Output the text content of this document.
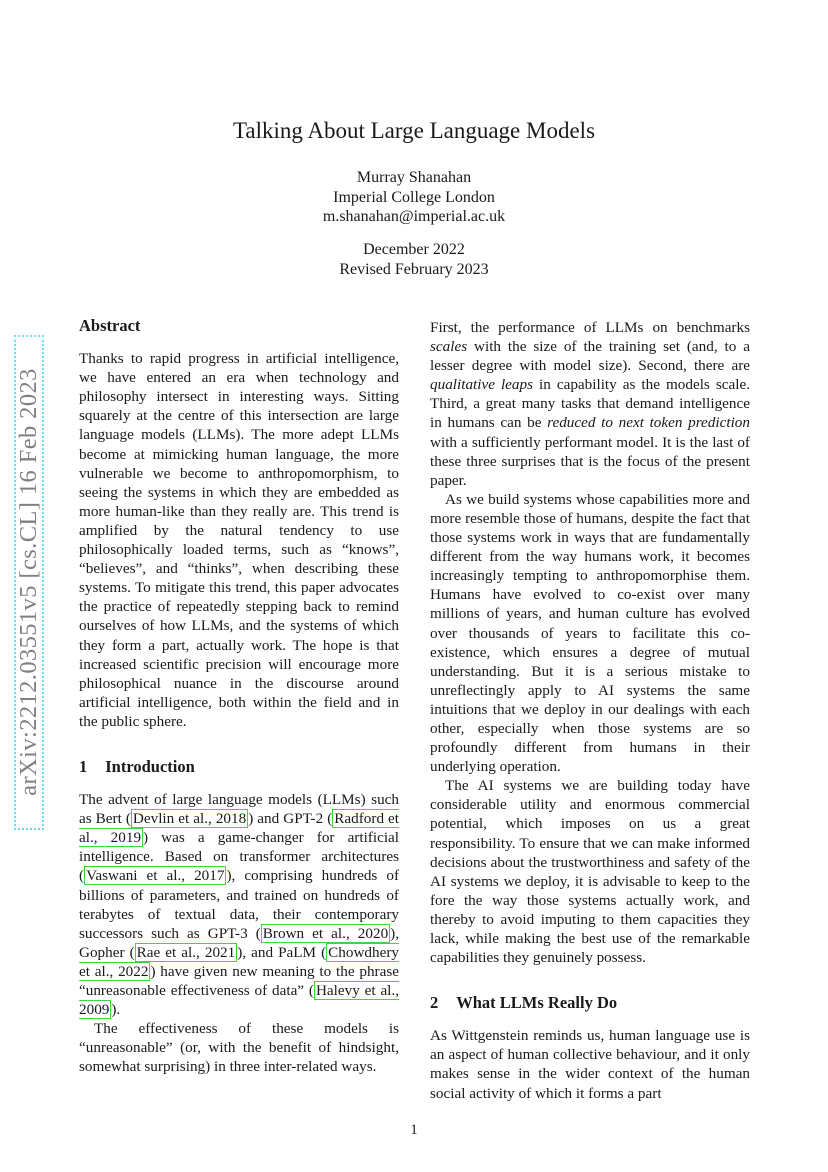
Talking About Large Language Models
Murray Shanahan
Imperial College London
m.shanahan@imperial.ac.uk
December 2022
Revised February 2023
arXiv:2212.03551v5 [cs.CL] 16 Feb 2023
Abstract

Thanks to rapid progress in artificial intelligence, we have entered an era when technology and philosophy intersect in interesting ways. Sitting squarely at the centre of this intersection are large language models (LLMs). The more adept LLMs become at mimicking human language, the more vulnerable we become to anthropomorphism, to seeing the systems in which they are embedded as more human-like than they really are. This trend is amplified by the natural tendency to use philosophically loaded terms, such as “knows”, “believes”, and “thinks”, when describing these systems. To mitigate this trend, this paper advocates the practice of repeatedly stepping back to remind ourselves of how LLMs, and the systems of which they form a part, actually work. The hope is that increased scientific precision will encourage more philosophical nuance in the discourse around artificial intelligence, both within the field and in the public sphere.

1 Introduction

The advent of large language models (LLMs) such as Bert ( Devlin et al., 2018 ) and GPT-2 ( Radford et al., 2019 ) was a game-changer for artificial intelligence. Based on transformer architectures ( Vaswani et al., 2017 ), comprising hundreds of billions of parameters, and trained on hundreds of terabytes of textual data, their contemporary successors such as GPT-3 ( Brown et al., 2020 ), Gopher ( Rae et al., 2021 ), and PaLM ( Chowdhery et al., 2022 ) have given new meaning to the phrase “unreasonable effectiveness of data” ( Halevy et al., 2009 ).

The effectiveness of these models is “unreasonable” (or, with the benefit of hindsight, somewhat surprising) in three inter-related ways.

First, the performance of LLMs on benchmarks scales with the size of the training set (and, to a lesser degree with model size). Second, there are qualitative leaps in capability as the models scale. Third, a great many tasks that demand intelligence in humans can be reduced to next token prediction with a sufficiently performant model. It is the last of these three surprises that is the focus of the present paper.

As we build systems whose capabilities more and more resemble those of humans, despite the fact that those systems work in ways that are fundamentally different from the way humans work, it becomes increasingly tempting to anthropomorphise them. Humans have evolved to co-exist over many millions of years, and human culture has evolved over thousands of years to facilitate this co-existence, which ensures a degree of mutual understanding. But it is a serious mistake to unreflectingly apply to AI systems the same intuitions that we deploy in our dealings with each other, especially when those systems are so profoundly different from humans in their underlying operation.

The AI systems we are building today have considerable utility and enormous commercial potential, which imposes on us a great responsibility. To ensure that we can make informed decisions about the trustworthiness and safety of the AI systems we deploy, it is advisable to keep to the fore the way those systems actually work, and thereby to avoid imputing to them capacities they lack, while making the best use of the remarkable capabilities they genuinely possess.

2 What LLMs Really Do

As Wittgenstein reminds us, human language use is an aspect of human collective behaviour, and it only makes sense in the wider context of the human social activity of which it forms a part

1
